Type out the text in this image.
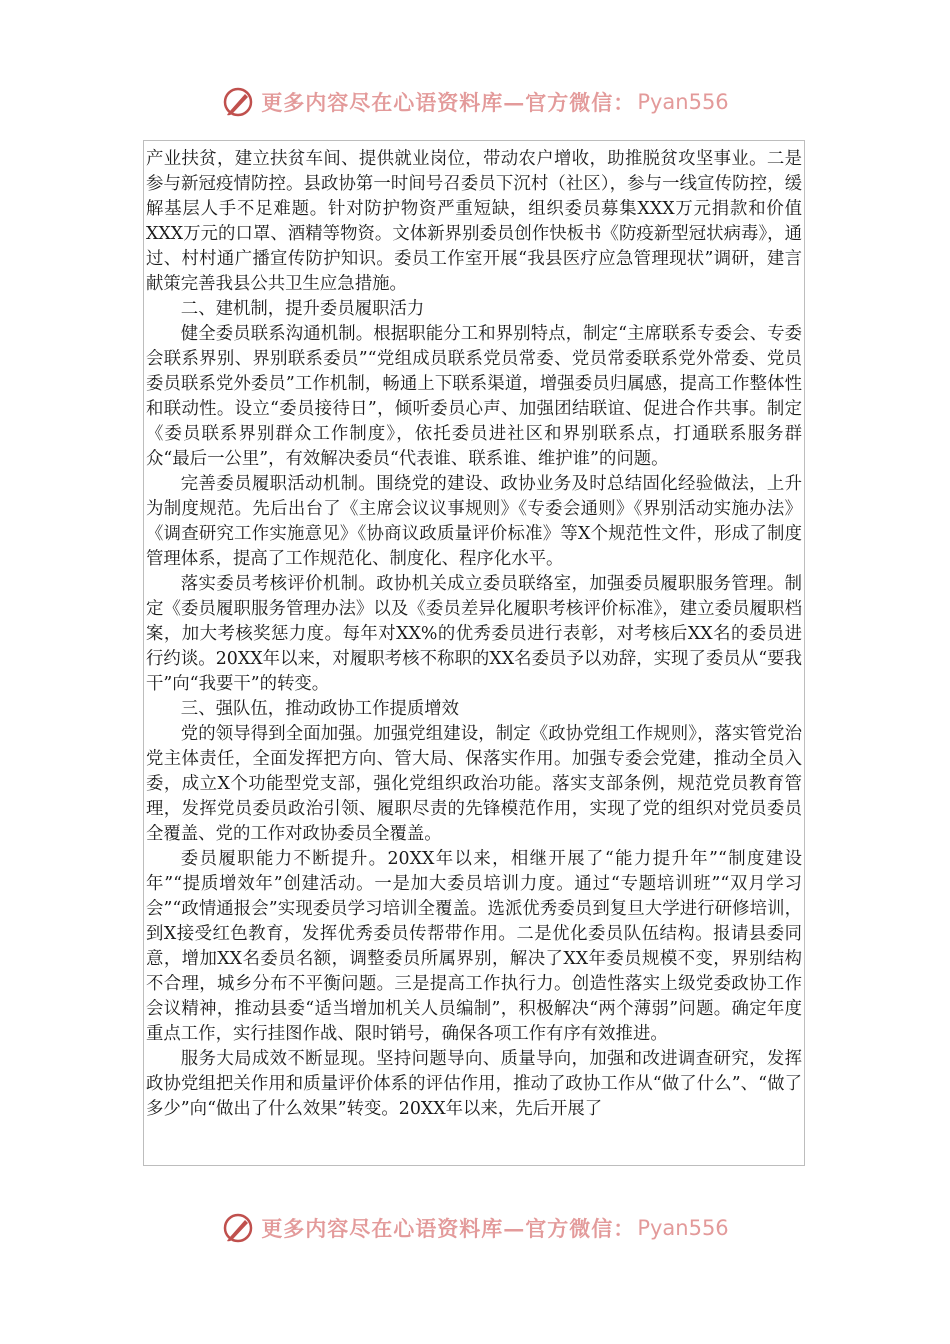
更多内容尽在心语资料库—官方微信： Pyan556

产业扶贫，建立扶贫车间、提供就业岗位，带动农户增收，助推脱贫攻坚事业。二是参与新冠疫情防控。县政协第一时间号召委员下沉村（社区），参与一线宣传防控，缓解基层人手不足难题。针对防护物资严重短缺，组织委员募集XXX万元捐款和价值XXX万元的口罩、酒精等物资。文体新界别委员创作快板书《防疫新型冠状病毒》，通过、村村通广播宣传防护知识。委员工作室开展“我县医疗应急管理现状”调研，建言献策完善我县公共卫生应急措施。

二、建机制，提升委员履职活力

健全委员联系沟通机制。根据职能分工和界别特点，制定“主席联系专委会、专委会联系界别、界别联系委员”“党组成员联系党员常委、党员常委联系党外常委、党员委员联系党外委员”工作机制，畅通上下联系渠道，增强委员归属感，提高工作整体性和联动性。设立“委员接待日”，倾听委员心声、加强团结联谊、促进合作共事。制定《委员联系界别群众工作制度》，依托委员进社区和界别联系点，打通联系服务群众“最后一公里”，有效解决委员“代表谁、联系谁、维护谁”的问题。

完善委员履职活动机制。围绕党的建设、政协业务及时总结固化经验做法，上升为制度规范。先后出台了《主席会议议事规则》《专委会通则》《界别活动实施办法》《调查研究工作实施意见》《协商议政质量评价标准》等X个规范性文件，形成了制度管理体系，提高了工作规范化、制度化、程序化水平。

落实委员考核评价机制。政协机关成立委员联络室，加强委员履职服务管理。制定《委员履职服务管理办法》以及《委员差异化履职考核评价标准》，建立委员履职档案，加大考核奖惩力度。每年对XX%的优秀委员进行表彰，对考核后XX名的委员进行约谈。20XX年以来，对履职考核不称职的XX名委员予以劝辞，实现了委员从“要我干”向“我要干”的转变。

三、强队伍，推动政协工作提质增效

党的领导得到全面加强。加强党组建设，制定《政协党组工作规则》，落实管党治党主体责任，全面发挥把方向、管大局、保落实作用。加强专委会党建，推动全员入委，成立X个功能型党支部，强化党组织政治功能。落实支部条例，规范党员教育管理，发挥党员委员政治引领、履职尽责的先锋模范作用，实现了党的组织对党员委员全覆盖、党的工作对政协委员全覆盖。

委员履职能力不断提升。20XX年以来，相继开展了“能力提升年”“制度建设年”“提质增效年”创建活动。一是加大委员培训力度。通过“专题培训班”“双月学习会”“政情通报会”实现委员学习培训全覆盖。选派优秀委员到复旦大学进行研修培训，到X接受红色教育，发挥优秀委员传帮带作用。二是优化委员队伍结构。报请县委同意，增加XX名委员名额，调整委员所属界别，解决了XX年委员规模不变，界别结构不合理，城乡分布不平衡问题。三是提高工作执行力。创造性落实上级党委政协工作会议精神，推动县委“适当增加机关人员编制”，积极解决“两个薄弱”问题。确定年度重点工作，实行挂图作战、限时销号，确保各项工作有序有效推进。

服务大局成效不断显现。坚持问题导向、质量导向，加强和改进调查研究，发挥政协党组把关作用和质量评价体系的评估作用，推动了政协工作从“做了什么”、“做了多少”向“做出了什么效果”转变。20XX年以来，先后开展了

更多内容尽在心语资料库—官方微信： Pyan556
